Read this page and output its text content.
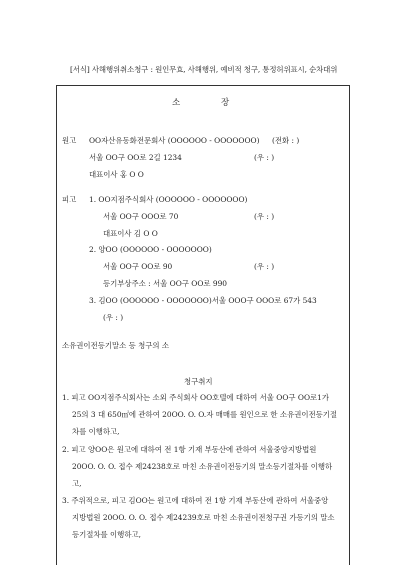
[서식] 사해행위취소청구 : 원인무효, 사해행위, 예비적 청구, 통정허위표시, 순차대위
소	장
원고 OO자산유동화전문회사 (OOOOOO - OOOOOOO) (전화 : )
서울 OO구 OO로 2길 1234	(우 : )
대표이사 홍 O O
피고 1. OO지점주식회사 (OOOOOO - OOOOOOO)
서울 OO구 OOO로 70	(우 : )
대표이사 김 O O
2. 양OO (OOOOOO - OOOOOOO)
서울 OO구 OO로 90	(우 : )
등기부상주소 : 서울 OO구 OO로 990
3. 김OO (OOOOOO - OOOOOOO)서울 OOO구 OOO로 67가 543
(우 : )
소유권이전등기말소 등 청구의 소
청구취지
1. 피고 OO지점주식회사는 소외 주식회사 OO호텔에 대하여 서울 OO구 OO로1가
25의 3 대 650㎡에 관하여 20OO. O. O.자 매매를 원인으로 한 소유권이전등기절
차를 이행하고,
2. 피고 양OO은 원고에 대하여 전 1항 기재 부동산에 관하여 서울중앙지방법원
20OO. O. O. 접수 제24238호로 마친 소유권이전등기의 말소등기절차를 이행하
고,
3. 주위적으로, 피고 김OO는 원고에 대하여 전 1항 기재 부동산에 관하여 서울중앙
지방법원 20OO. O. O. 접수 제24239호로 마친 소유권이전청구권 가등기의 말소
등기절차를 이행하고,
